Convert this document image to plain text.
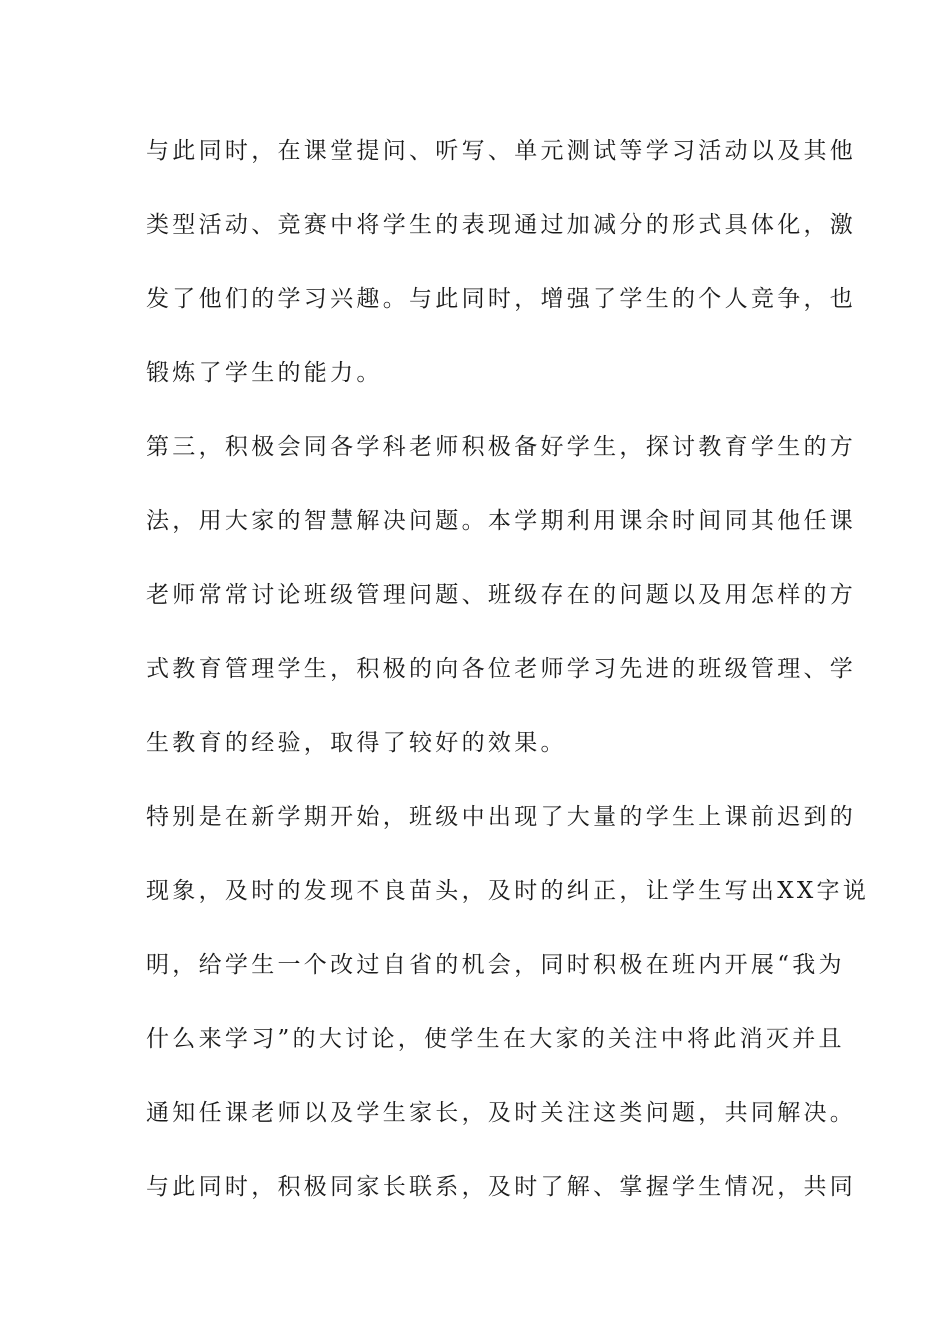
与此同时，在课堂提问、听写、单元测试等学习活动以及其他
类型活动、竞赛中将学生的表现通过加减分的形式具体化，激
发了他们的学习兴趣。与此同时，增强了学生的个人竞争，也
锻炼了学生的能力。
第三，积极会同各学科老师积极备好学生，探讨教育学生的方
法，用大家的智慧解决问题。本学期利用课余时间同其他任课
老师常常讨论班级管理问题、班级存在的问题以及用怎样的方
式教育管理学生，积极的向各位老师学习先进的班级管理、学
生教育的经验，取得了较好的效果。
特别是在新学期开始，班级中出现了大量的学生上课前迟到的
现象，及时的发现不良苗头，及时的纠正，让学生写出XX字说
明，给学生一个改过自省的机会，同时积极在班内开展“我为
什么来学习”的大讨论，使学生在大家的关注中将此消灭并且
通知任课老师以及学生家长，及时关注这类问题，共同解决。
与此同时，积极同家长联系，及时了解、掌握学生情况，共同
